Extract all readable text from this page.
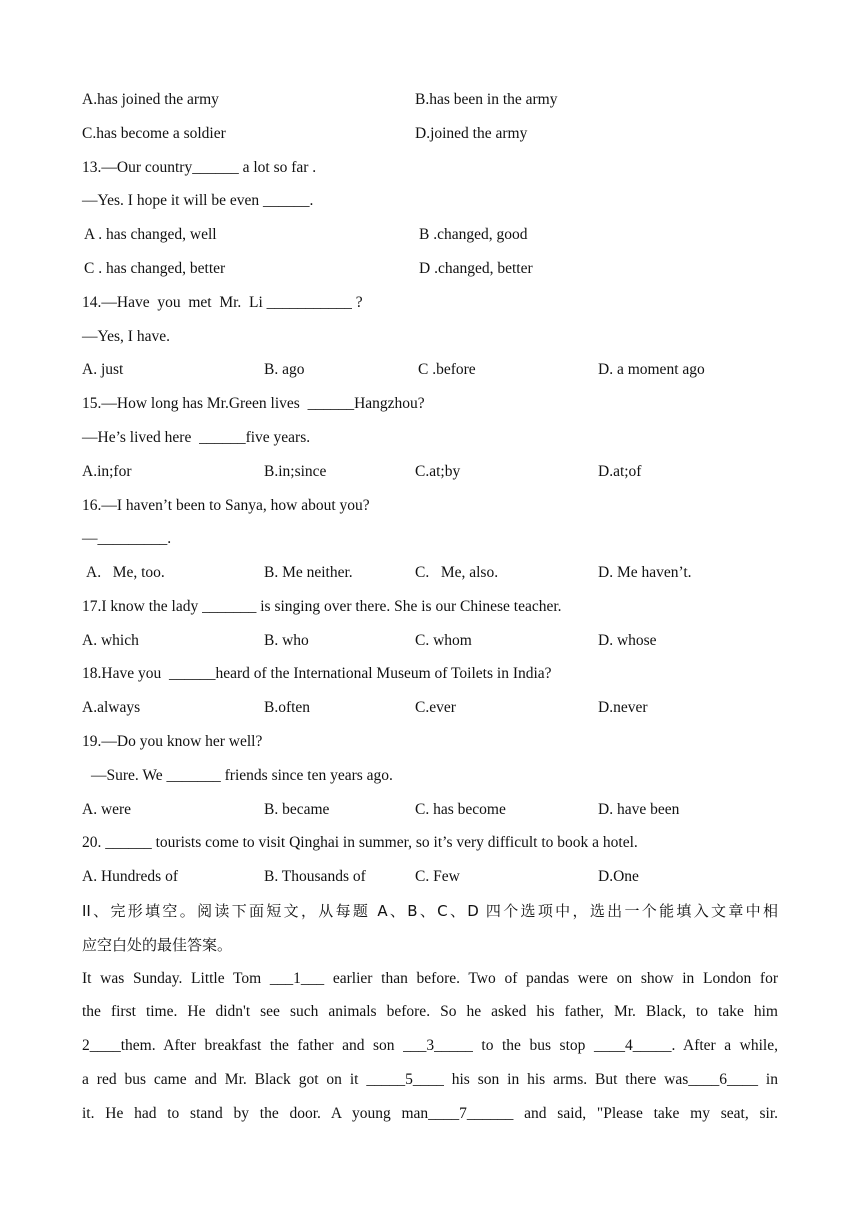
A.has joined the army

	B.has been in the army

C.has become a soldier

	D.joined the army

13.—Our country______ a lot so far .
—Yes. I hope it will be even ______.

A . has changed, well

	B .changed, good

C . has changed, better

	D .changed, better

14.—Have  you  met  Mr.  Li ___________ ?
—Yes, I have.

A. just

	B. ago

	C .before

	D. a moment ago

15.—How long has Mr.Green lives  ______Hangzhou?
—He’s lived here  ______five years.

A.in;for

	B.in;since

	C.at;by

	D.at;of

16.—I haven’t been to Sanya, how about you?
—_________.

A.   Me, too.

	B. Me neither.

	C.   Me, also.

	D. Me haven’t.

17.I know the lady _______ is singing over there. She is our Chinese teacher.

A. which

	B. who

	C. whom

	D. whose

18.Have you  ______heard of the International Museum of Toilets in India?

A.always

	B.often

	C.ever

	D.never

19.—Do you know her well?
—Sure. We _______ friends since ten years ago.

A. were

	B. became

	C. has become

	D. have been

20. ______ tourists come to visit Qinghai in summer, so it’s very difficult to book a hotel.

A. Hundreds of

	B. Thousands of

	C. Few

	D.One

II、完形填空。阅读下面短文，从每题 A、B、C、D 四个选项中，选出一个能填入文章中相
应空白处的最佳答案。
It was Sunday. Little Tom ___1___ earlier than before. Two of pandas were on show in London for
the first time. He didn't see such animals before. So he asked his father, Mr. Black, to take him
2____them. After breakfast the father and son ___3_____ to the bus stop ____4_____. After a while,
a red bus came and Mr. Black got on it _____5____ his son in his arms. But there was____6____ in
it. He had to stand by the door. A young man____7______ and said, "Please take my seat, sir.
